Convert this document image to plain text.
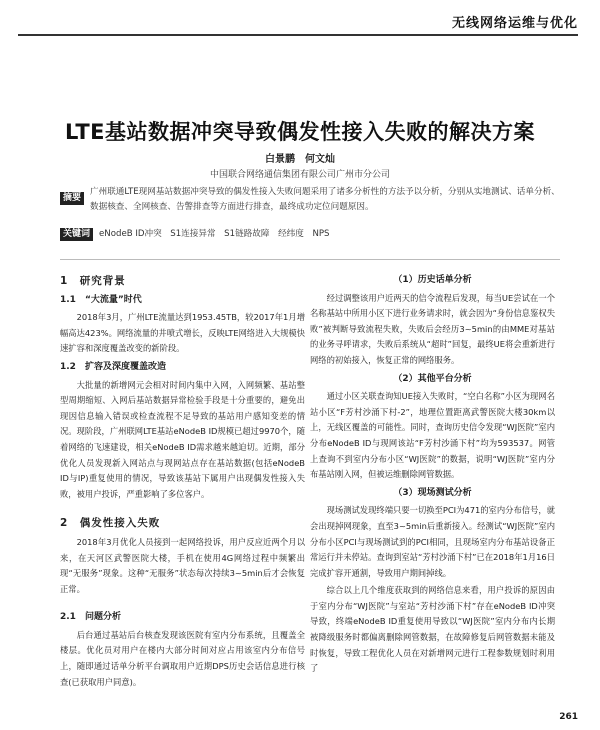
无线网络运维与优化
LTE基站数据冲突导致偶发性接入失败的解决方案
白景鹏　何文灿
中国联合网络通信集团有限公司广州市分公司
摘要
广州联通LTE现网基站数据冲突导致的偶发性接入失败问题采用了诸多分析性的方法予以分析，分别从实地测试、话单分析、数据核查、全网核查、告警排查等方面进行排查，最终成功定位问题原因。
关键词	eNodeB ID冲突　S1连接异常　S1链路故障　经纬度　NPS
1　研究背景
1.1　“大流量”时代
2018年3月，广州LTE流量达到1953.45TB，较2017年1月增幅高达423%。网络流量的井喷式增长，反映LTE网络进入大规模快速扩容和深度覆盖改变的新阶段。
1.2　扩容及深度覆盖改造
大批量的新增网元会相对时间内集中入网，入网频繁、基站整型周期缩短、入网后基站数据异常检验手段是十分重要的，避免出现因信息输入错误或检查流程不足导致的基站用户感知变差的情况。现阶段，广州联网LTE基站eNodeB ID规模已超过9970个，随着网络的飞速建设，相关eNodeB ID需求越来越迫切。近期，部分优化人员发现新入网站点与现网站点存在基站数据(包括eNodeB ID与IP)重复使用的情况，导致该基站下属用户出现偶发性接入失败，被用户投诉，严重影响了多位客户。
2　偶发性接入失败
2018年3月优化人员接到一起网络投诉，用户反应近两个月以来，在天河区武警医院大楼，手机在使用4G网络过程中频繁出现“无服务”现象。这种“无服务”状态每次持续3~5min后才会恢复正常。
2.1　问题分析
后台通过基站后台核查发现该医院有室内分布系统，且覆盖全楼层。优化员对用户在楼内大部分时间对应占用该室内分布信号上，随即通过话单分析平台调取用户近期DPS历史会话信息进行核查(已获取用户同意)。
（1）历史话单分析
经过调整该用户近两天的信令流程后发现，每当UE尝试在一个名称基站中所用小区下进行业务请求时，就会因为“身份信息鉴权失败”被判断导致流程失败，失败后会经历3~5min的由MME对基站的业务寻呼请求，失败后系统从“超时”回复，最终UE将会重新进行网络的初始接入，恢复正常的网络服务。
（2）其他平台分析
通过小区关联查询知UE接入失败时，“空白名称”小区为现网名站小区“F芳村沙涌下村-2”，地理位置距离武警医院大楼30km以上，无线区覆盖的可能性。同时，查询历史信令发现“WJ医院”室内分布eNodeB ID与现网该站“F芳村沙涌下村”均为593537。网管上查询不到室内分布小区“WJ医院”的数据，说明“WJ医院”室内分布基站刚入网，但被运维删除网管数据。
（3）现场测试分析
现场测试发现终端只要一切换至PCI为471的室内分布信号，就会出现掉网现象，直至3~5min后重新接入。经测试“WJ医院”室内分布小区PCI与现场测试到的PCI相同，且现场室内分布基站设备正常运行并未停站。查询到室站“芳村沙涌下村”已在2018年1月16日完成扩容开通割，导致用户期间掉线。
综合以上几个维度获取到的网络信息来看，用户投诉的原因由于室内分布“WJ医院”与室站“芳村沙涌下村”存在eNodeB ID冲突导致，终端eNodeB ID重复使用导致以“WJ医院”室内分布内长期被降级服务时都偏离删除网管数据，在故障修复后网管数据未能及时恢复，导致工程优化人员在对新增网元进行工程参数规划时利用了
261
